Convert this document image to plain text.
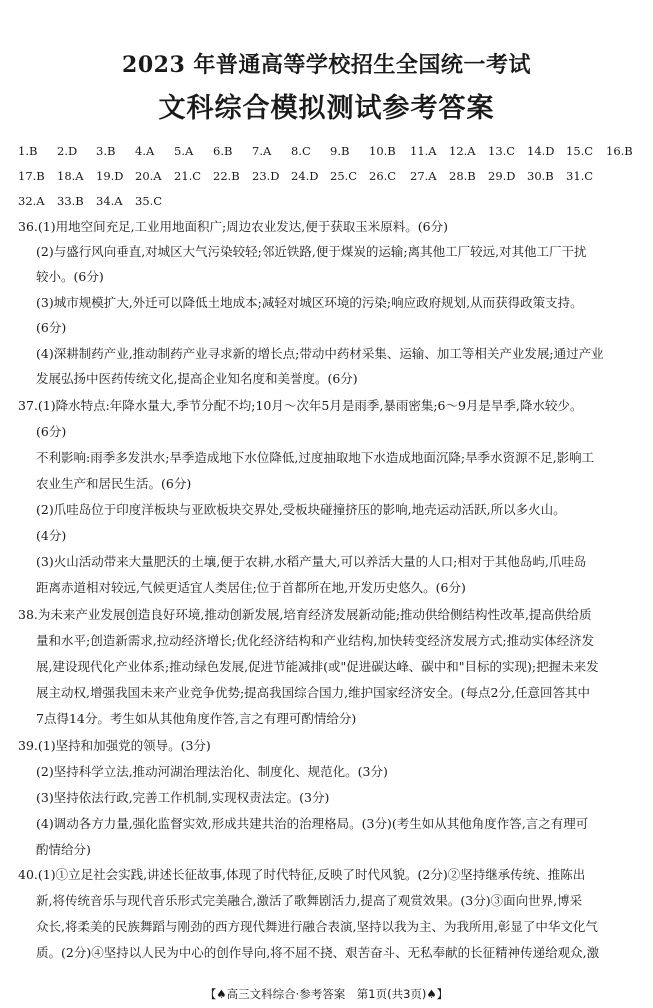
2023 年普通高等学校招生全国统一考试
文科综合模拟测试参考答案
1.B 2.D 3.B 4.A 5.A 6.B 7.A 8.C 9.B 10.B 11.A 12.A 13.C 14.D 15.C 16.B
17.B 18.A 19.D 20.A 21.C 22.B 23.D 24.D 25.C 26.C 27.A 28.B 29.D 30.B 31.C
32.A 33.B 34.A 35.C
36.(1)用地空间充足,工业用地面积广;周边农业发达,便于获取玉米原料。(6分)
(2)与盛行风向垂直,对城区大气污染较轻;邻近铁路,便于煤炭的运输;离其他工厂较远,对其他工厂干扰
较小。(6分)
(3)城市规模扩大,外迁可以降低土地成本;减轻对城区环境的污染;响应政府规划,从而获得政策支持。
(6分)
(4)深耕制药产业,推动制药产业寻求新的增长点;带动中药材采集、运输、加工等相关产业发展;通过产业
发展弘扬中医药传统文化,提高企业知名度和美誉度。(6分)
37.(1)降水特点:年降水量大,季节分配不均;10月～次年5月是雨季,暴雨密集;6～9月是旱季,降水较少。
(6分)
不利影响:雨季多发洪水;旱季造成地下水位降低,过度抽取地下水造成地面沉降;旱季水资源不足,影响工
农业生产和居民生活。(6分)
(2)爪哇岛位于印度洋板块与亚欧板块交界处,受板块碰撞挤压的影响,地壳运动活跃,所以多火山。
(4分)
(3)火山活动带来大量肥沃的土壤,便于农耕,水稻产量大,可以养活大量的人口;相对于其他岛屿,爪哇岛
距离赤道相对较远,气候更适宜人类居住;位于首都所在地,开发历史悠久。(6分)
38.为未来产业发展创造良好环境,推动创新发展,培育经济发展新动能;推动供给侧结构性改革,提高供给质
量和水平;创造新需求,拉动经济增长;优化经济结构和产业结构,加快转变经济发展方式;推动实体经济发
展,建设现代化产业体系;推动绿色发展,促进节能减排(或"促进碳达峰、碳中和"目标的实现);把握未来发
展主动权,增强我国未来产业竞争优势;提高我国综合国力,维护国家经济安全。(每点2分,任意回答其中
7点得14分。考生如从其他角度作答,言之有理可酌情给分)
39.(1)坚持和加强党的领导。(3分)
(2)坚持科学立法,推动河湖治理法治化、制度化、规范化。(3分)
(3)坚持依法行政,完善工作机制,实现权责法定。(3分)
(4)调动各方力量,强化监督实效,形成共建共治的治理格局。(3分)(考生如从其他角度作答,言之有理可
酌情给分)
40.(1)①立足社会实践,讲述长征故事,体现了时代特征,反映了时代风貌。(2分)②坚持继承传统、推陈出
新,将传统音乐与现代音乐形式完美融合,激活了歌舞剧活力,提高了观赏效果。(3分)③面向世界,博采
众长,将柔美的民族舞蹈与刚劲的西方现代舞进行融合表演,坚持以我为主、为我所用,彰显了中华文化气
质。(2分)④坚持以人民为中心的创作导向,将不屈不挠、艰苦奋斗、无私奉献的长征精神传递给观众,激
【♠高三文科综合·参考答案　第1页(共3页)♠】
